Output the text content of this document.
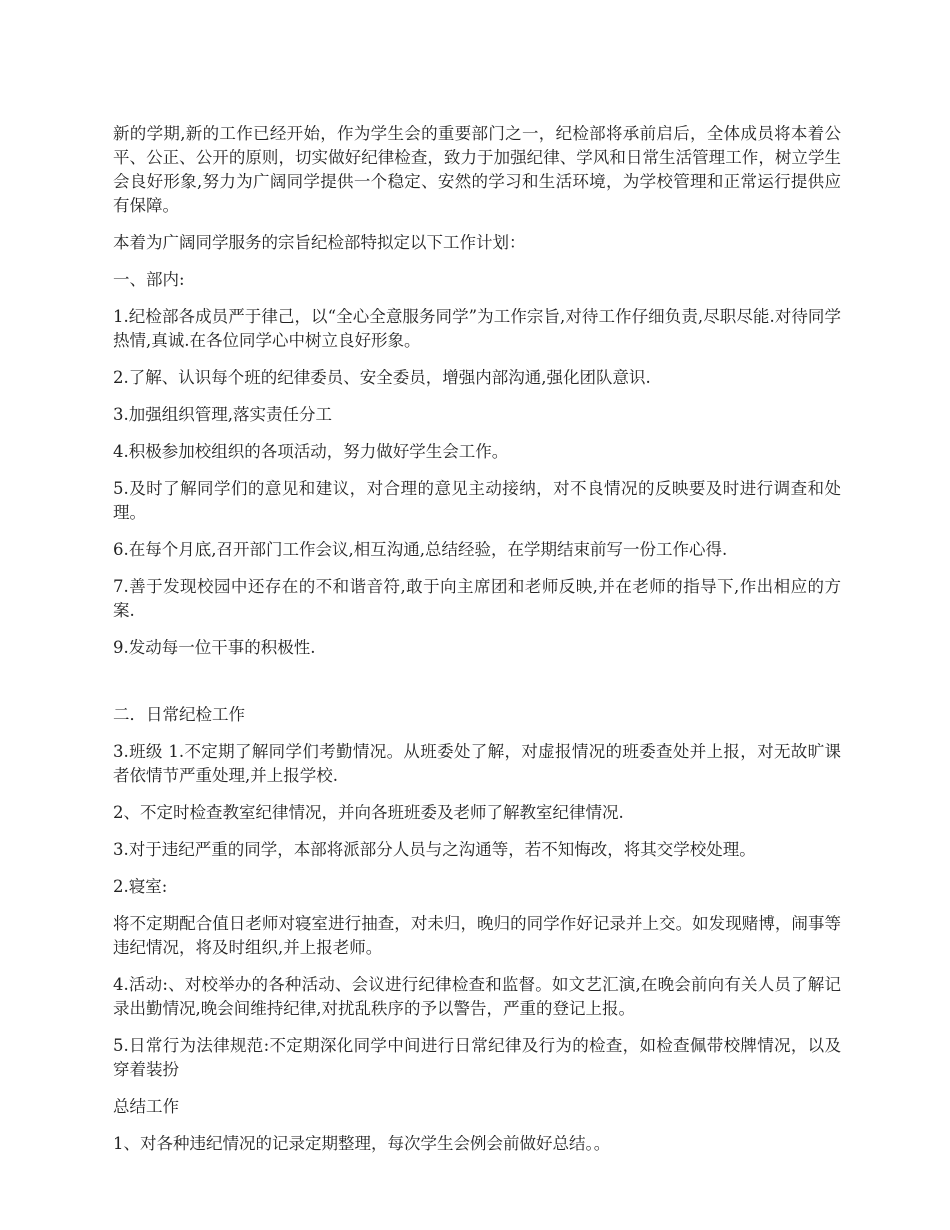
新的学期,新的工作已经开始，作为学生会的重要部门之一，纪检部将承前启后，全体成员将本着公平、公正、公开的原则，切实做好纪律检查，致力于加强纪律、学风和日常生活管理工作，树立学生会良好形象,努力为广阔同学提供一个稳定、安然的学习和生活环境，为学校管理和正常运行提供应有保障。

本着为广阔同学服务的宗旨纪检部特拟定以下工作计划：

一、部内:

1.纪检部各成员严于律己，以“全心全意服务同学”为工作宗旨,对待工作仔细负责,尽职尽能.对待同学热情,真诚.在各位同学心中树立良好形象。

2.了解、认识每个班的纪律委员、安全委员，增强内部沟通,强化团队意识.

3.加强组织管理,落实责任分工

4.积极参加校组织的各项活动，努力做好学生会工作。

5.及时了解同学们的意见和建议，对合理的意见主动接纳，对不良情况的反映要及时进行调查和处理。

6.在每个月底,召开部门工作会议,相互沟通,总结经验，在学期结束前写一份工作心得.

7.善于发现校园中还存在的不和谐音符,敢于向主席团和老师反映,并在老师的指导下,作出相应的方案.

9.发动每一位干事的积极性.

二．日常纪检工作

3.班级 1.不定期了解同学们考勤情况。从班委处了解，对虚报情况的班委查处并上报，对无故旷课者依情节严重处理,并上报学校.

2、不定时检查教室纪律情况，并向各班班委及老师了解教室纪律情况.

3.对于违纪严重的同学，本部将派部分人员与之沟通等，若不知悔改，将其交学校处理。

2.寝室:

将不定期配合值日老师对寝室进行抽查，对未归，晚归的同学作好记录并上交。如发现赌博，闹事等违纪情况，将及时组织,并上报老师。

4.活动:、对校举办的各种活动、会议进行纪律检查和监督。如文艺汇演,在晚会前向有关人员了解记录出勤情况,晚会间维持纪律,对扰乱秩序的予以警告，严重的登记上报。

5.日常行为法律规范:不定期深化同学中间进行日常纪律及行为的检查，如检查佩带校牌情况，以及穿着装扮

总结工作

1、对各种违纪情况的记录定期整理，每次学生会例会前做好总结。。
